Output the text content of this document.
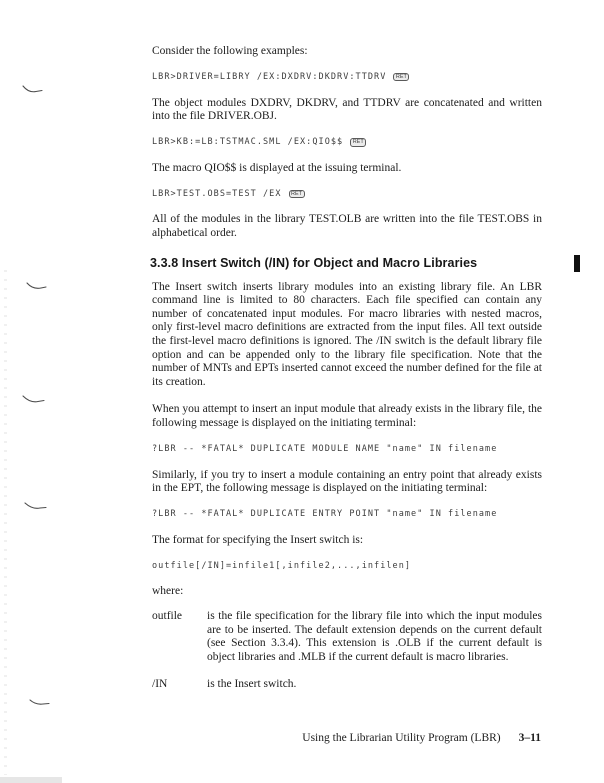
Consider the following examples:

LBR>DRIVER=LIBRY /EX:DXDRV:DKDRV:TTDRV	RET

The object modules DXDRV, DKDRV, and TTDRV are concatenated and written into the file DRIVER.OBJ.

LBR>KB:=LB:TSTMAC.SML /EX:QIO$$	RET

The macro QIO$$ is displayed at the issuing terminal.

LBR>TEST.OBS=TEST /EX	RET

All of the modules in the library TEST.OLB are written into the file TEST.OBS in alphabetical order.

3.3.8 Insert Switch (/IN) for Object and Macro Libraries

The Insert switch inserts library modules into an existing library file. An LBR command line is limited to 80 characters. Each file specified can contain any number of concatenated input modules. For macro libraries with nested macros, only first-level macro definitions are extracted from the input files. All text outside the first-level macro definitions is ignored. The /IN switch is the default library file option and can be appended only to the library file specification. Note that the number of MNTs and EPTs inserted cannot exceed the number defined for the file at its creation.

When you attempt to insert an input module that already exists in the library file, the following message is displayed on the initiating terminal:

?LBR -- *FATAL* DUPLICATE MODULE NAME "name" IN filename

Similarly, if you try to insert a module containing an entry point that already exists in the EPT, the following message is displayed on the initiating terminal:

?LBR -- *FATAL* DUPLICATE ENTRY POINT "name" IN filename

The format for specifying the Insert switch is:

outfile[/IN]=infile1[,infile2,...,infilen]

where:

outfile	is the file specification for the library file into which the input modules are to be inserted. The default extension depends on the current default (see Section 3.3.4). This extension is .OLB if the current default is object libraries and .MLB if the current default is macro libraries.
/IN	is the Insert switch.
Using the Librarian Utility Program (LBR) 3–11
